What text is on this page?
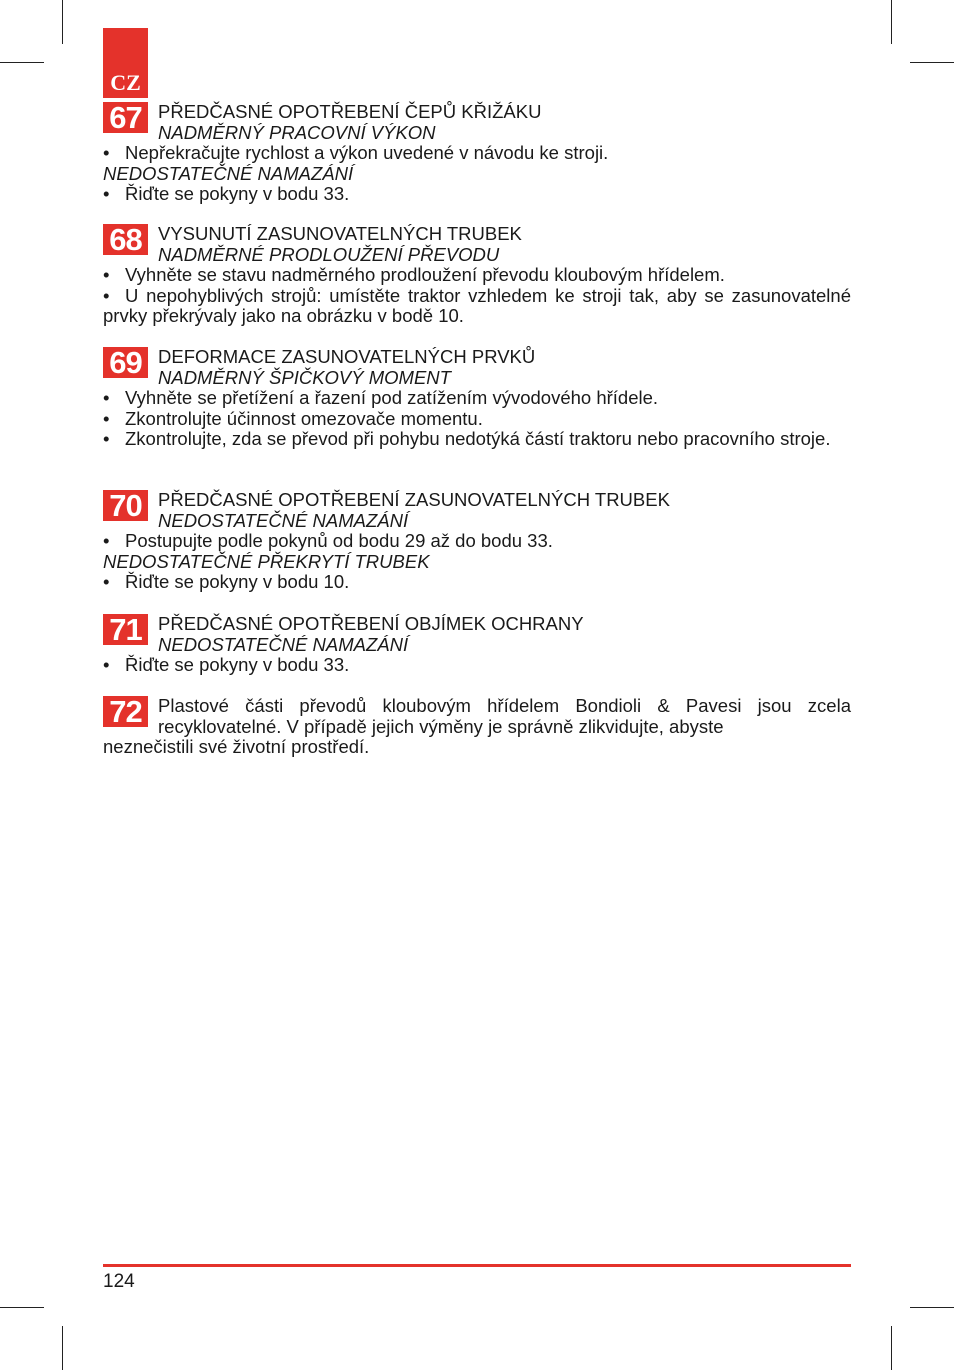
CZ
67 PŘEDČASNÉ OPOTŘEBENÍ ČEPŮ KŘIŽÁKU
NADMĚRNÝ PRACOVNÍ VÝKON
• Nepřekračujte rychlost a výkon uvedené v návodu ke stroji.
NEDOSTATEČNÉ NAMAZÁNÍ
• Řiďte se pokyny v bodu 33.
68 VYSUNUTÍ ZASUNOVATELNÝCH TRUBEK
NADMĚRNÉ PRODLOUŽENÍ PŘEVODU
• Vyhněte se stavu nadměrného prodloužení převodu kloubovým hřídelem.
• U nepohyblivých strojů: umístěte traktor vzhledem ke stroji tak, aby se zasunovatelné prvky překrývaly jako na obrázku v bodě 10.
69 DEFORMACE ZASUNOVATELNÝCH PRVKŮ
NADMĚRNÝ ŠPIČKOVÝ MOMENT
• Vyhněte se přetížení a řazení pod zatížením vývodového hřídele.
• Zkontrolujte účinnost omezovače momentu.
• Zkontrolujte, zda se převod při pohybu nedotýká částí traktoru nebo pracovního stroje.
70 PŘEDČASNÉ OPOTŘEBENÍ ZASUNOVATELNÝCH TRUBEK
NEDOSTATEČNÉ NAMAZÁNÍ
• Postupujte podle pokynů od bodu 29 až do bodu 33.
NEDOSTATEČNÉ PŘEKRYTÍ TRUBEK
• Řiďte se pokyny v bodu 10.
71 PŘEDČASNÉ OPOTŘEBENÍ OBJÍMEK OCHRANY
NEDOSTATEČNÉ NAMAZÁNÍ
• Řiďte se pokyny v bodu 33.
72 Plastové části převodů kloubovým hřídelem Bondioli & Pavesi jsou zcela recyklovatelné. V případě jejich výměny je správně zlikvidujte, abyste
neznečistili své životní prostředí.
124
